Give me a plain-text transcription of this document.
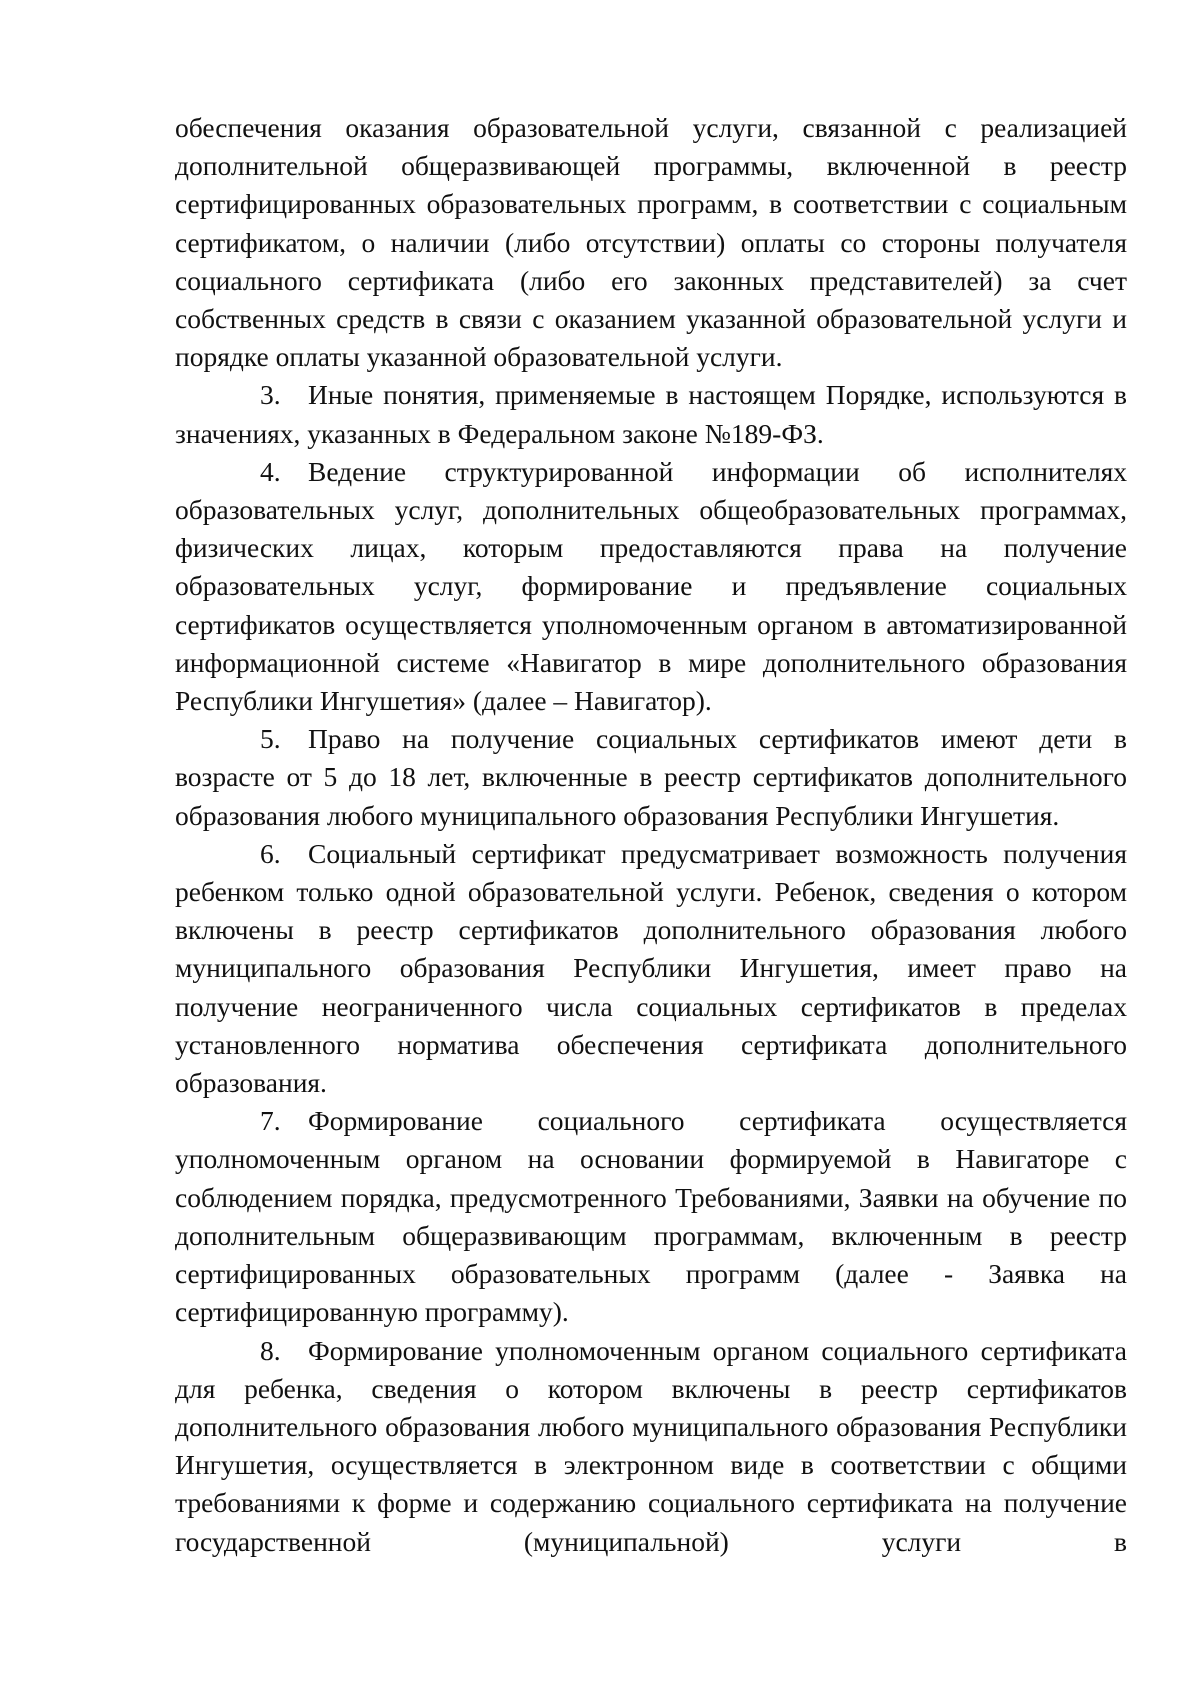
обеспечения оказания образовательной услуги, связанной с реализацией дополнительной общеразвивающей программы, включенной в реестр сертифицированных образовательных программ, в соответствии с социальным сертификатом, о наличии (либо отсутствии) оплаты со стороны получателя социального сертификата (либо его законных представителей) за счет собственных средств в связи с оказанием указанной образовательной услуги и порядке оплаты указанной образовательной услуги.

3. Иные понятия, применяемые в настоящем Порядке, используются в значениях, указанных в Федеральном законе №189-ФЗ.

4. Ведение структурированной информации об исполнителях образовательных услуг, дополнительных общеобразовательных программах, физических лицах, которым предоставляются права на получение образовательных услуг, формирование и предъявление социальных сертификатов осуществляется уполномоченным органом в автоматизированной информационной системе «Навигатор в мире дополнительного образования Республики Ингушетия» (далее – Навигатор).

5. Право на получение социальных сертификатов имеют дети в возрасте от 5 до 18 лет, включенные в реестр сертификатов дополнительного образования любого муниципального образования Республики Ингушетия.

6. Социальный сертификат предусматривает возможность получения ребенком только одной образовательной услуги. Ребенок, сведения о котором включены в реестр сертификатов дополнительного образования любого муниципального образования Республики Ингушетия, имеет право на получение неограниченного числа социальных сертификатов в пределах установленного норматива обеспечения сертификата дополнительного образования.

7. Формирование социального сертификата осуществляется уполномоченным органом на основании формируемой в Навигаторе с соблюдением порядка, предусмотренного Требованиями, Заявки на обучение по дополнительным общеразвивающим программам, включенным в реестр сертифицированных образовательных программ (далее - Заявка на сертифицированную программу).

8. Формирование уполномоченным органом социального сертификата для ребенка, сведения о котором включены в реестр сертификатов дополнительного образования любого муниципального образования Республики Ингушетия, осуществляется в электронном виде в соответствии с общими требованиями к форме и содержанию социального сертификата на получение государственной (муниципальной) услуги в
